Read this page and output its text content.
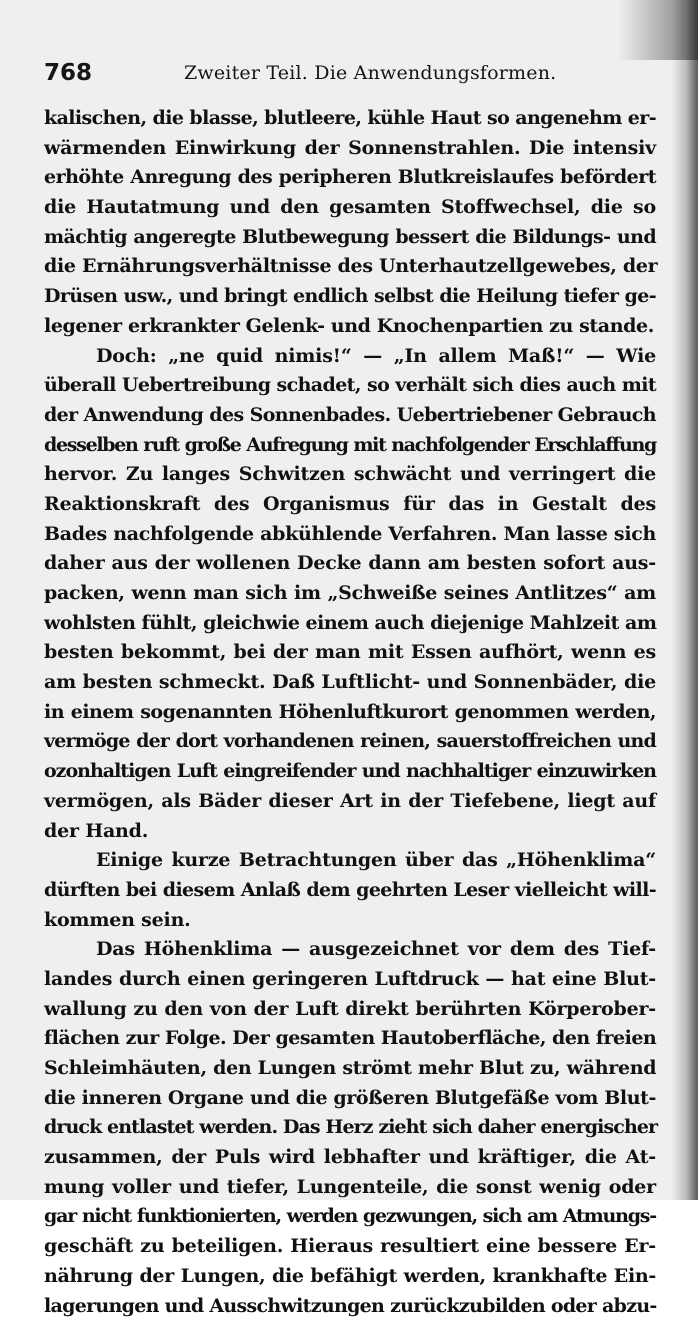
768	Zweiter Teil. Die Anwendungsformen.
kalischen, die blasse, blutleere, kühle Haut so angenehm er-
wärmenden Einwirkung der Sonnenstrahlen. Die intensiv
erhöhte Anregung des peripheren Blutkreislaufes befördert
die Hautatmung und den gesamten Stoffwechsel, die so
mächtig angeregte Blutbewegung bessert die Bildungs- und
die Ernährungsverhältnisse des Unterhautzellgewebes, der
Drüsen usw., und bringt endlich selbst die Heilung tiefer ge-
legener erkrankter Gelenk- und Knochenpartien zu stande.
Doch: „ne quid nimis!“ — „In allem Maß!“ — Wie
überall Uebertreibung schadet, so verhält sich dies auch mit
der Anwendung des Sonnenbades. Uebertriebener Gebrauch
desselben ruft große Aufregung mit nachfolgender Erschlaffung
hervor. Zu langes Schwitzen schwächt und verringert die
Reaktionskraft des Organismus für das in Gestalt des
Bades nachfolgende abkühlende Verfahren. Man lasse sich
daher aus der wollenen Decke dann am besten sofort aus-
packen, wenn man sich im „Schweiße seines Antlitzes“ am
wohlsten fühlt, gleichwie einem auch diejenige Mahlzeit am
besten bekommt, bei der man mit Essen aufhört, wenn es
am besten schmeckt. Daß Luftlicht- und Sonnenbäder, die
in einem sogenannten Höhenluftkurort genommen werden,
vermöge der dort vorhandenen reinen, sauerstoffreichen und
ozonhaltigen Luft eingreifender und nachhaltiger einzuwirken
vermögen, als Bäder dieser Art in der Tiefebene, liegt auf
der Hand.
Einige kurze Betrachtungen über das „Höhenklima“
dürften bei diesem Anlaß dem geehrten Leser vielleicht will-
kommen sein.
Das Höhenklima — ausgezeichnet vor dem des Tief-
landes durch einen geringeren Luftdruck — hat eine Blut-
wallung zu den von der Luft direkt berührten Körperober-
flächen zur Folge. Der gesamten Hautoberfläche, den freien
Schleimhäuten, den Lungen strömt mehr Blut zu, während
die inneren Organe und die größeren Blutgefäße vom Blut-
druck entlastet werden. Das Herz zieht sich daher energischer
zusammen, der Puls wird lebhafter und kräftiger, die At-
mung voller und tiefer, Lungenteile, die sonst wenig oder
gar nicht funktionierten, werden gezwungen, sich am Atmungs-
geschäft zu beteiligen. Hieraus resultiert eine bessere Er-
nährung der Lungen, die befähigt werden, krankhafte Ein-
lagerungen und Ausschwitzungen zurückzubilden oder abzu-
